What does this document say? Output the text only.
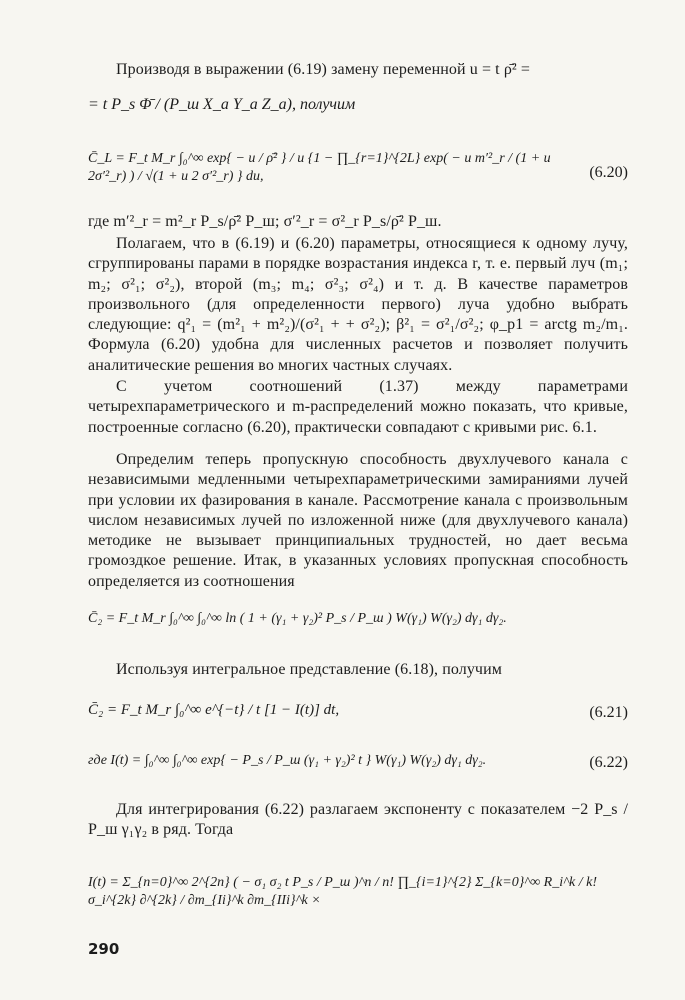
Производя в выражении (6.19) замену переменной u = t ρ̄² =
= t P_s Φ̄ / (P_ш X_a Y_a Z_a), получим
C̄_L = F_t M_r ∫₀^∞ exp{ − u / ρ̄² } / u {1 − ∏_{r=1}^{2L} exp( − u m′²_r / (1 + u 2σ′²_r) ) / √(1 + u 2 σ′²_r) } du,	(6.20)
где m′²_r = m²_r P_s/ρ̄² P_ш; σ′²_r = σ²_r P_s/ρ̄² P_ш.
Полагаем, что в (6.19) и (6.20) параметры, относящиеся к одному лучу, сгруппированы парами в порядке возрастания индекса r, т. е. первый луч (m₁; m₂; σ²₁; σ²₂), второй (m₃; m₄; σ²₃; σ²₄) и т. д. В качестве параметров произвольного (для определенности первого) луча удобно выбрать следующие: q²₁ = (m²₁ + m²₂)/(σ²₁ + + σ²₂); β²₁ = σ²₁/σ²₂; φ_p1 = arctg m₂/m₁. Формула (6.20) удобна для численных расчетов и позволяет получить аналитические решения во многих частных случаях.
С учетом соотношений (1.37) между параметрами четырехпараметрического и m-распределений можно показать, что кривые, построенные согласно (6.20), практически совпадают с кривыми рис. 6.1.
Определим теперь пропускную способность двухлучевого канала с независимыми медленными четырехпараметрическими замираниями лучей при условии их фазирования в канале. Рассмотрение канала с произвольным числом независимых лучей по изложенной ниже (для двухлучевого канала) методике не вызывает принципиальных трудностей, но дает весьма громоздкое решение. Итак, в указанных условиях пропускная способность определяется из соотношения
C̄₂ = F_t M_r ∫₀^∞ ∫₀^∞ ln ( 1 + (γ₁ + γ₂)² P_s / P_ш ) W(γ₁) W(γ₂) dγ₁ dγ₂.
Используя интегральное представление (6.18), получим
C̄₂ = F_t M_r ∫₀^∞ e^{−t} / t [1 − I(t)] dt,	(6.21)
где I(t) = ∫₀^∞ ∫₀^∞ exp{ − P_s / P_ш (γ₁ + γ₂)² t } W(γ₁) W(γ₂) dγ₁ dγ₂.	(6.22)
Для интегрирования (6.22) разлагаем экспоненту с показателем −2 P_s / P_ш γ₁γ₂ в ряд. Тогда
I(t) = Σ_{n=0}^∞ 2^{2n} ( − σ₁ σ₂ t P_s / P_ш )^n / n! ∏_{i=1}^{2} Σ_{k=0}^∞ R_i^k / k! σ_i^{2k} ∂^{2k} / ∂m_{Ii}^k ∂m_{IIi}^k ×
290
